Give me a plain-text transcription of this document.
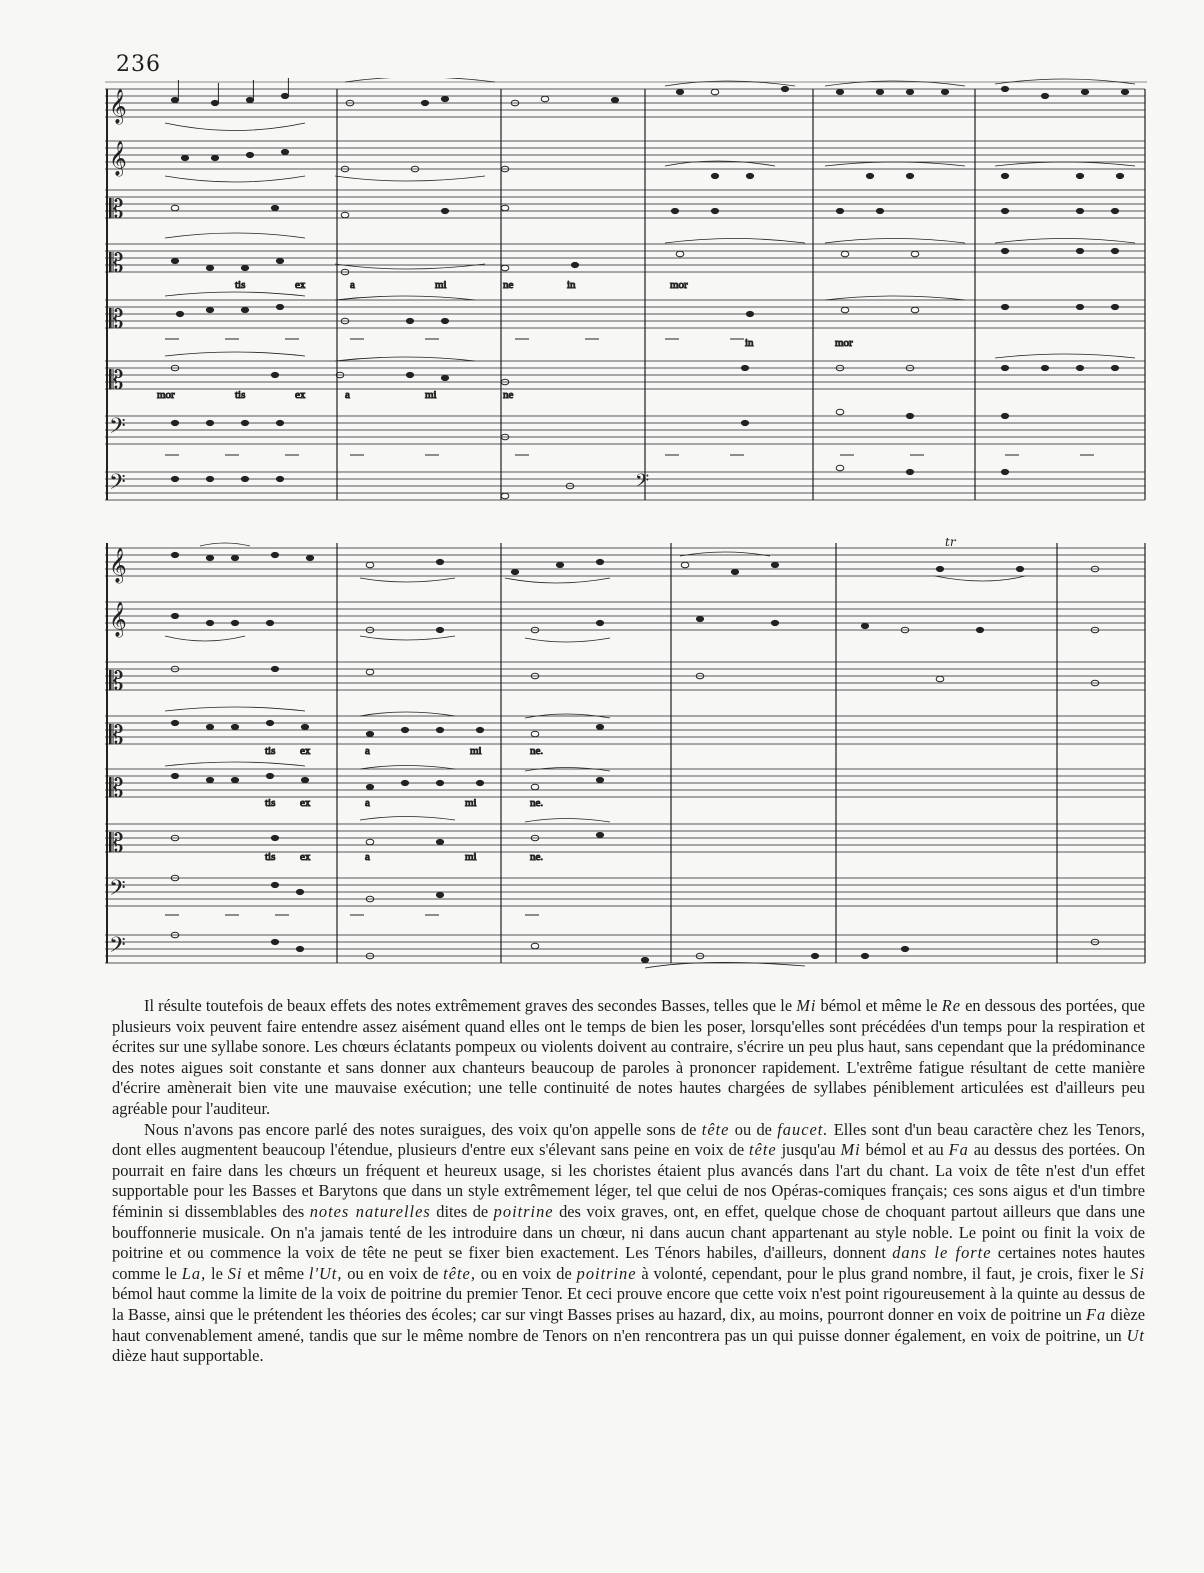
236
𝄞
𝄞
𝄡
𝄡
𝄡
𝄡
𝄢
𝄢	𝄢
tis	ex	a	mi	ne	in	mor
in	mor
mor	tis	ex	a	mi	ne
𝄞
𝄞
𝄡
𝄡
𝄡
𝄡
𝄢
𝄢
tr
tis ex	a	mi	ne.
tis ex	a	mi	ne.
tis ex	a	mi	ne.

Il résulte toutefois de beaux effets des notes extrêmement graves des secondes Basses, telles que le Mi bémol et même le Re en dessous des portées, que plusieurs voix peuvent faire entendre assez aisément quand elles ont le temps de bien les poser, lorsqu'elles sont précédées d'un temps pour la respiration et écrites sur une syllabe sonore. Les chœurs éclatants pompeux ou violents doivent au contraire, s'écrire un peu plus haut, sans cependant que la prédominance des notes aigues soit constante et sans donner aux chanteurs beaucoup de paroles à prononcer rapidement. L'extrême fatigue résultant de cette manière d'écrire amènerait bien vite une mauvaise exécution; une telle continuité de notes hautes chargées de syllabes péniblement articulées est d'ailleurs peu agréable pour l'auditeur.

Nous n'avons pas encore parlé des notes suraigues, des voix qu'on appelle sons de tête ou de faucet. Elles sont d'un beau caractère chez les Tenors, dont elles augmentent beaucoup l'étendue, plusieurs d'entre eux s'élevant sans peine en voix de tête jusqu'au Mi bémol et au Fa au dessus des portées. On pourrait en faire dans les chœurs un fréquent et heureux usage, si les choristes étaient plus avancés dans l'art du chant. La voix de tête n'est d'un effet supportable pour les Basses et Barytons que dans un style extrêmement léger, tel que celui de nos Opéras-comiques français; ces sons aigus et d'un timbre féminin si dissemblables des notes naturelles dites de poitrine des voix graves, ont, en effet, quelque chose de choquant partout ailleurs que dans une bouffonnerie musicale. On n'a jamais tenté de les introduire dans un chœur, ni dans aucun chant appartenant au style noble. Le point ou finit la voix de poitrine et ou commence la voix de tête ne peut se fixer bien exactement. Les Ténors habiles, d'ailleurs, donnent dans le forte certaines notes hautes comme le La, le Si et même l'Ut, ou en voix de tête, ou en voix de poitrine à volonté, cependant, pour le plus grand nombre, il faut, je crois, fixer le Si bémol haut comme la limite de la voix de poitrine du premier Tenor. Et ceci prouve encore que cette voix n'est point rigoureusement à la quinte au dessus de la Basse, ainsi que le prétendent les théories des écoles; car sur vingt Basses prises au hazard, dix, au moins, pourront donner en voix de poitrine un Fa dièze haut convenablement amené, tandis que sur le même nombre de Tenors on n'en rencontrera pas un qui puisse donner également, en voix de poitrine, un Ut dièze haut supportable.
